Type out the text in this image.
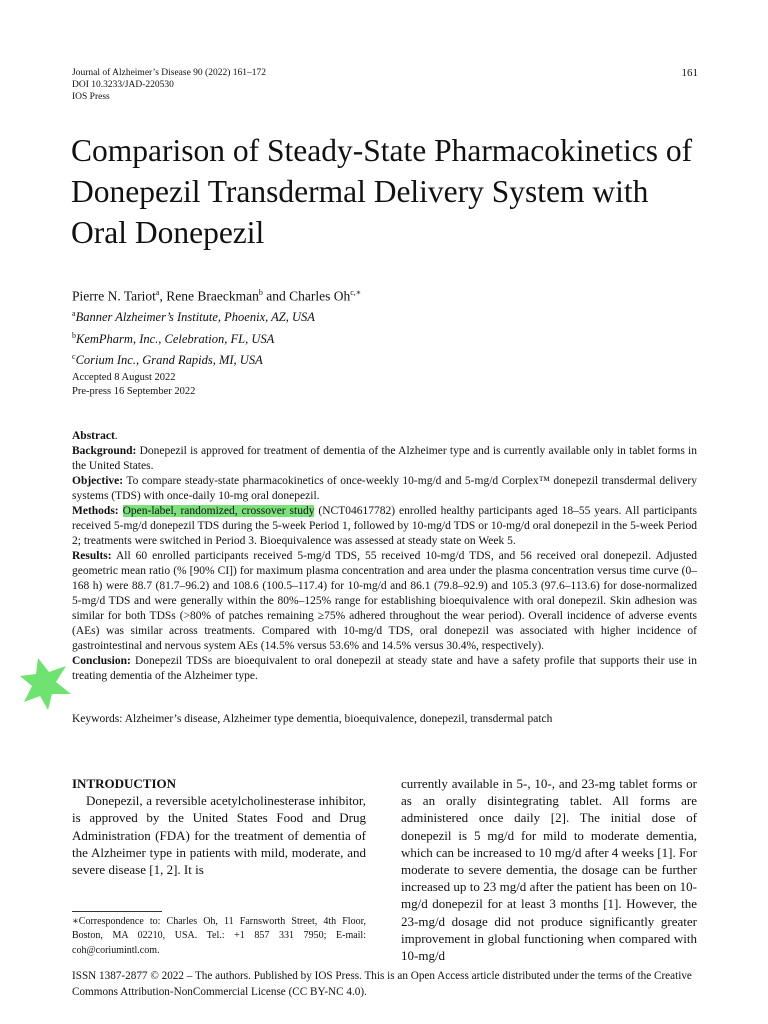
Journal of Alzheimer’s Disease 90 (2022) 161–172
DOI 10.3233/JAD-220530
IOS Press
161
Comparison of Steady-State Pharmacokinetics of Donepezil Transdermal Delivery System with Oral Donepezil
Pierre N. Tariot$^a$, Rene Braeckman$^b$ and Charles $Oh^{c,∗}$
$^a$Banner Alzheimer’s Institute, Phoenix, AZ, USA
$^b$KemPharm, Inc., Celebration, FL, USA
$^c$Corium Inc., Grand Rapids, MI, USA
Accepted 8 August 2022
Pre-press 16 September 2022

Abstract.

Background: Donepezil is approved for treatment of dementia of the Alzheimer type and is currently available only in tablet forms in the United States.

Objective: To compare steady-state pharmacokinetics of once-weekly 10-mg/d and 5-mg/d Corplex™ donepezil transdermal delivery systems (TDS) with once-daily 10-mg oral donepezil.

Methods: Open-label, randomized, crossover study (NCT04617782) enrolled healthy participants aged 18–55 years. All participants received 5-mg/d donepezil TDS during the 5-week Period 1, followed by 10-mg/d TDS or 10-mg/d oral donepezil in the 5-week Period 2; treatments were switched in Period 3. Bioequivalence was assessed at steady state on Week 5.

Results: All 60 enrolled participants received 5-mg/d TDS, 55 received 10-mg/d TDS, and 56 received oral donepezil. Adjusted geometric mean ratio (% [90% CI]) for maximum plasma concentration and area under the plasma concentration versus time curve (0–168 h) were 88.7 (81.7–96.2) and 108.6 (100.5–117.4) for 10-mg/d and 86.1 (79.8–92.9) and 105.3 (97.6–113.6) for dose-normalized 5-mg/d TDS and were generally within the 80%–125% range for establishing bioequivalence with oral donepezil. Skin adhesion was similar for both TDSs (>80% of patches remaining ≥75% adhered throughout the wear period). Overall incidence of adverse events (AEs) was similar across treatments. Compared with 10-mg/d TDS, oral donepezil was associated with higher incidence of gastrointestinal and nervous system AEs (14.5% versus 53.6% and 14.5% versus 30.4%, respectively).

Conclusion: Donepezil TDSs are bioequivalent to oral donepezil at steady state and have a safety profile that supports their use in treating dementia of the Alzheimer type.

Keywords: Alzheimer’s disease, Alzheimer type dementia, bioequivalence, donepezil, transdermal patch

INTRODUCTION

Donepezil, a reversible acetylcholinesterase inhibitor, is approved by the United States Food and Drug Administration (FDA) for the treatment of dementia of the Alzheimer type in patients with mild, moderate, and severe disease [1, 2]. It is

currently available in 5-, 10-, and 23-mg tablet forms or as an orally disintegrating tablet. All forms are administered once daily [2]. The initial dose of donepezil is 5 mg/d for mild to moderate dementia, which can be increased to 10 mg/d after 4 weeks [1]. For moderate to severe dementia, the dosage can be further increased up to 23 mg/d after the patient has been on 10-mg/d donepezil for at least 3 months [1]. However, the 23-mg/d dosage did not produce significantly greater improvement in global functioning when compared with 10-mg/d

∗Correspondence to: Charles Oh, 11 Farnsworth Street, 4th Floor, Boston, MA 02210, USA. Tel.: +1 857 331 7950; E-mail: coh@coriumintl.com.
ISSN 1387-2877 © 2022 – The authors. Published by IOS Press. This is an Open Access article distributed under the terms of the Creative Commons Attribution-NonCommercial License (CC BY-NC 4.0).
